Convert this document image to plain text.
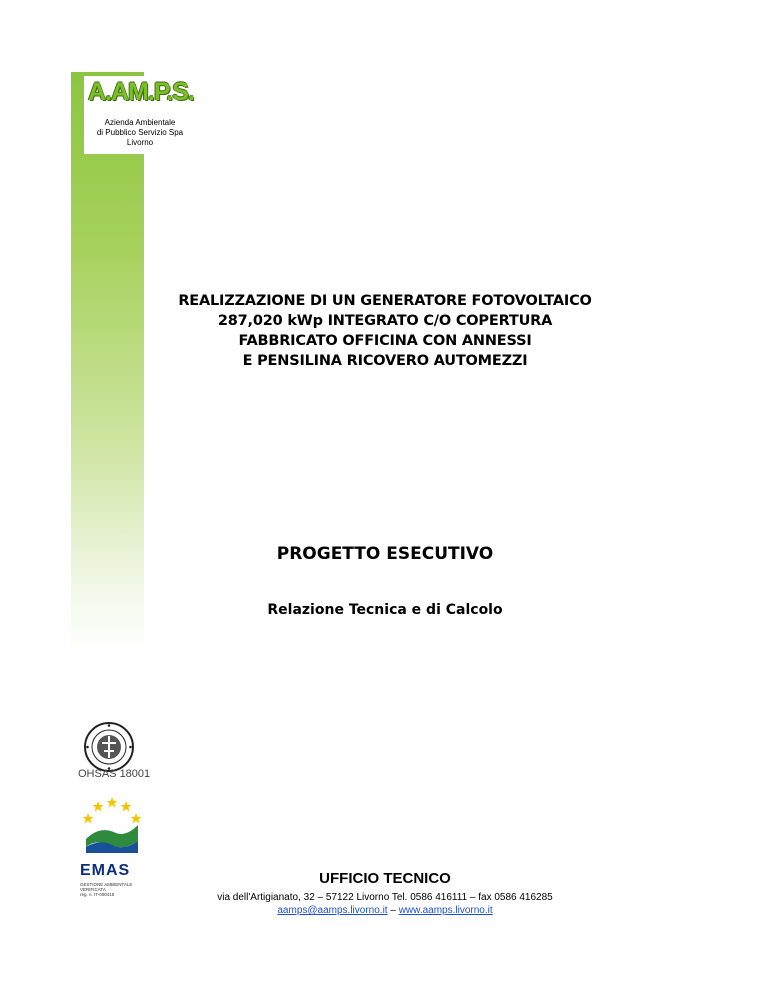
A.AM.P.S.
Azienda Ambientale
di Pubblico Servizio Spa
Livorno
REALIZZAZIONE DI UN GENERATORE FOTOVOLTAICO
287,020 kWp INTEGRATO C/O COPERTURA
FABBRICATO OFFICINA CON ANNESSI
E PENSILINA RICOVERO AUTOMEZZI
PROGETTO ESECUTIVO
Relazione Tecnica e di Calcolo
OHSAS 18001
EMAS
GESTIONE AMBIENTALE
VERIFICATA
reg. n. IT-000415
UFFICIO TECNICO
via dell'Artigianato, 32 – 57122 Livorno Tel. 0586 416111 – fax 0586 416285
aamps@aamps.livorno.it – www.aamps.livorno.it
